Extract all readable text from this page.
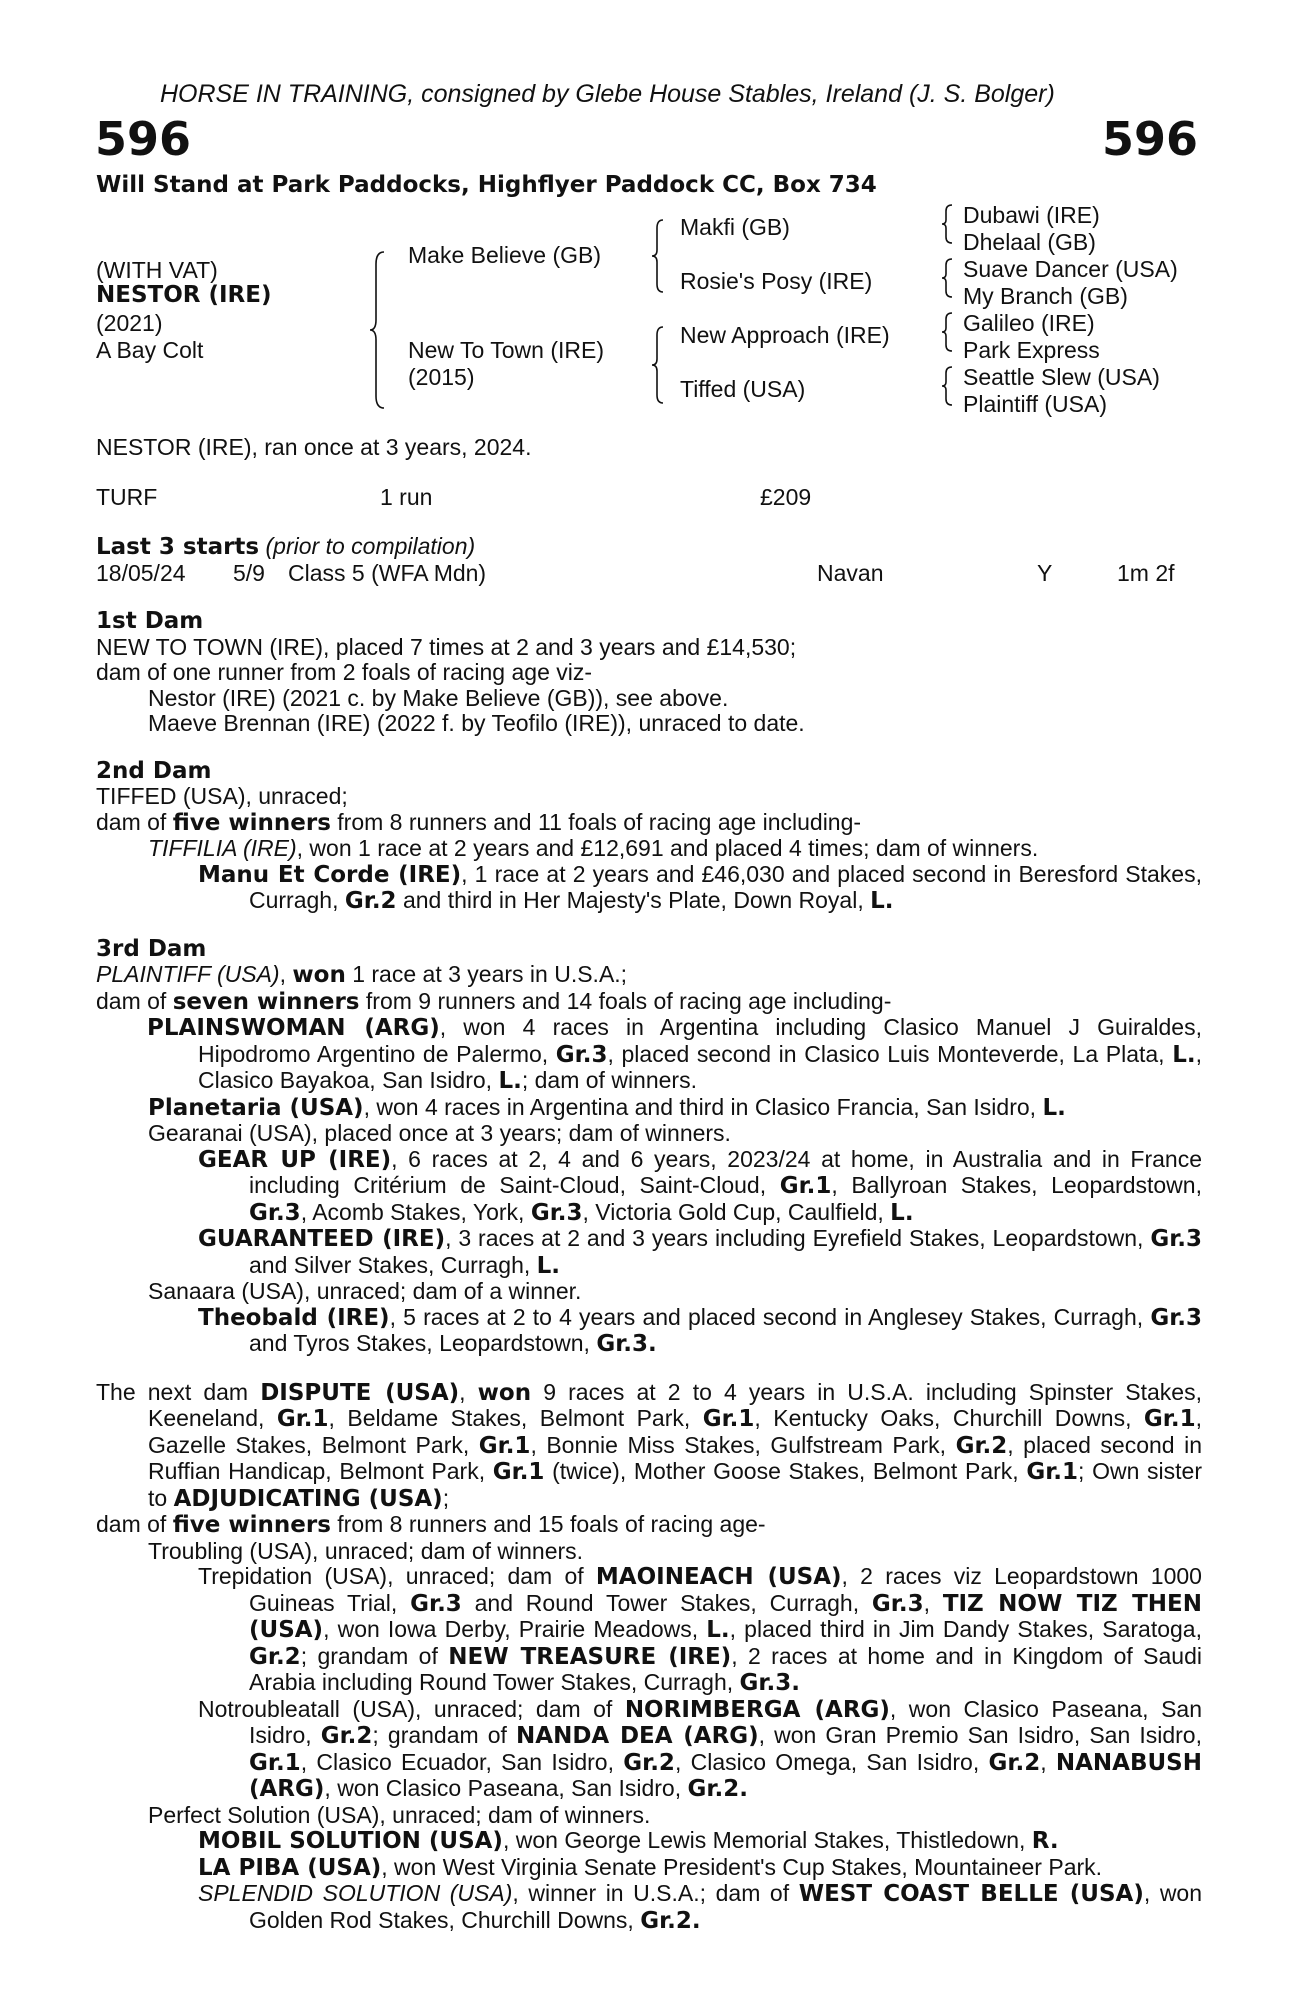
HORSE IN TRAINING, consigned by Glebe House Stables, Ireland (J. S. Bolger)
596	596
Will Stand at Park Paddocks, Highflyer Paddock CC, Box 734
(WITH VAT)
NESTOR (IRE)
(2021)
A Bay Colt
Make Believe (GB)
New To Town (IRE)
(2015)
Makfi (GB)
Rosie's Posy (IRE)
New Approach (IRE)
Tiffed (USA)
Dubawi (IRE)
Dhelaal (GB)
Suave Dancer (USA)
My Branch (GB)
Galileo (IRE)
Park Express
Seattle Slew (USA)
Plaintiff (USA)
NESTOR (IRE), ran once at 3 years, 2024.
TURF	1 run	£209
Last 3 starts (prior to compilation)
18/05/24 5/9 Class 5 (WFA Mdn)	Navan	Y	1m 2f

1st Dam

NEW TO TOWN (IRE), placed 7 times at 2 and 3 years and £14,530;

dam of one runner from 2 foals of racing age viz-

Nestor (IRE) (2021 c. by Make Believe (GB)), see above.

Maeve Brennan (IRE) (2022 f. by Teofilo (IRE)), unraced to date.

2nd Dam

TIFFED (USA), unraced;

dam of five winners from 8 runners and 11 foals of racing age including-

TIFFILIA (IRE), won 1 race at 2 years and £12,691 and placed 4 times; dam of winners.

Manu Et Corde (IRE), 1 race at 2 years and £46,030 and placed second in Beresford Stakes, Curragh, Gr.2 and third in Her Majesty's Plate, Down Royal, L.

3rd Dam

PLAINTIFF (USA), won 1 race at 3 years in U.S.A.;

dam of seven winners from 9 runners and 14 foals of racing age including-

PLAINSWOMAN (ARG), won 4 races in Argentina including Clasico Manuel J Guiraldes, Hipodromo Argentino de Palermo, Gr.3, placed second in Clasico Luis Monteverde, La Plata, L., Clasico Bayakoa, San Isidro, L.; dam of winners.

Planetaria (USA), won 4 races in Argentina and third in Clasico Francia, San Isidro, L.

Gearanai (USA), placed once at 3 years; dam of winners.

GEAR UP (IRE), 6 races at 2, 4 and 6 years, 2023/24 at home, in Australia and in France including Critérium de Saint-Cloud, Saint-Cloud, Gr.1, Ballyroan Stakes, Leopardstown, Gr.3, Acomb Stakes, York, Gr.3, Victoria Gold Cup, Caulfield, L.

GUARANTEED (IRE), 3 races at 2 and 3 years including Eyrefield Stakes, Leopardstown, Gr.3 and Silver Stakes, Curragh, L.

Sanaara (USA), unraced; dam of a winner.

Theobald (IRE), 5 races at 2 to 4 years and placed second in Anglesey Stakes, Curragh, Gr.3 and Tyros Stakes, Leopardstown, Gr.3.

The next dam DISPUTE (USA), won 9 races at 2 to 4 years in U.S.A. including Spinster Stakes, Keeneland, Gr.1, Beldame Stakes, Belmont Park, Gr.1, Kentucky Oaks, Churchill Downs, Gr.1, Gazelle Stakes, Belmont Park, Gr.1, Bonnie Miss Stakes, Gulfstream Park, Gr.2, placed second in Ruffian Handicap, Belmont Park, Gr.1 (twice), Mother Goose Stakes, Belmont Park, Gr.1; Own sister to ADJUDICATING (USA);

dam of five winners from 8 runners and 15 foals of racing age-

Troubling (USA), unraced; dam of winners.

Trepidation (USA), unraced; dam of MAOINEACH (USA), 2 races viz Leopardstown 1000 Guineas Trial, Gr.3 and Round Tower Stakes, Curragh, Gr.3, TIZ NOW TIZ THEN (USA), won Iowa Derby, Prairie Meadows, L., placed third in Jim Dandy Stakes, Saratoga, Gr.2; grandam of NEW TREASURE (IRE), 2 races at home and in Kingdom of Saudi Arabia including Round Tower Stakes, Curragh, Gr.3.

Notroubleatall (USA), unraced; dam of NORIMBERGA (ARG), won Clasico Paseana, San Isidro, Gr.2; grandam of NANDA DEA (ARG), won Gran Premio San Isidro, San Isidro, Gr.1, Clasico Ecuador, San Isidro, Gr.2, Clasico Omega, San Isidro, Gr.2, NANABUSH (ARG), won Clasico Paseana, San Isidro, Gr.2.

Perfect Solution (USA), unraced; dam of winners.

MOBIL SOLUTION (USA), won George Lewis Memorial Stakes, Thistledown, R.

LA PIBA (USA), won West Virginia Senate President's Cup Stakes, Mountaineer Park.

SPLENDID SOLUTION (USA), winner in U.S.A.; dam of WEST COAST BELLE (USA), won Golden Rod Stakes, Churchill Downs, Gr.2.
